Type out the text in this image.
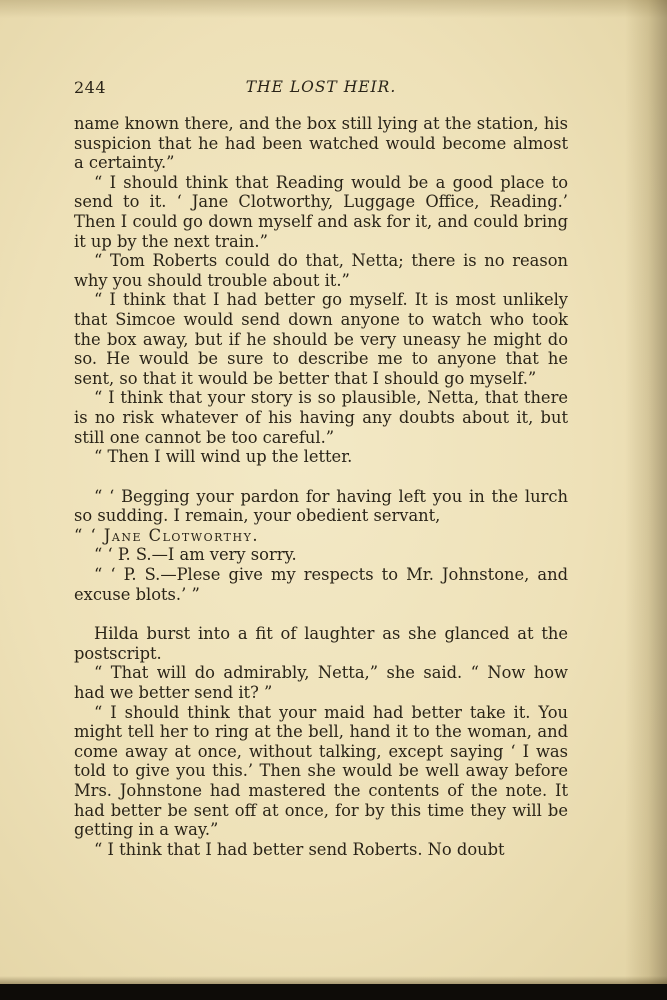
244	THE LOST HEIR.

name known there, and the box still lying at the station, his suspicion that he had been watched would become almost a certainty.”

“ I should think that Reading would be a good place to send to it. ‘ Jane Clotworthy, Luggage Office, Reading.’ Then I could go down myself and ask for it, and could bring it up by the next train.”

“ Tom Roberts could do that, Netta; there is no reason why you should trouble about it.”

“ I think that I had better go myself. It is most unlikely that Simcoe would send down anyone to watch who took the box away, but if he should be very uneasy he might do so. He would be sure to describe me to anyone that he sent, so that it would be better that I should go myself.”

“ I think that your story is so plausible, Netta, that there is no risk whatever of his having any doubts about it, but still one cannot be too careful.”

“ Then I will wind up the letter.

“ ‘ Begging your pardon for having left you in the lurch so sudding. I remain, your obedient servant,

“ ‘ Jane Clotworthy.

“ ‘ P. S.—I am very sorry.

“ ‘ P. S.—Plese give my respects to Mr. Johnstone, and excuse blots.’ ”

Hilda burst into a fit of laughter as she glanced at the postscript.

“ That will do admirably, Netta,” she said. “ Now how had we better send it? ”

“ I should think that your maid had better take it. You might tell her to ring at the bell, hand it to the woman, and come away at once, without talking, except saying ‘ I was told to give you this.’ Then she would be well away before Mrs. Johnstone had mastered the contents of the note. It had better be sent off at once, for by this time they will be getting in a way.”

“ I think that I had better send Roberts. No doubt
